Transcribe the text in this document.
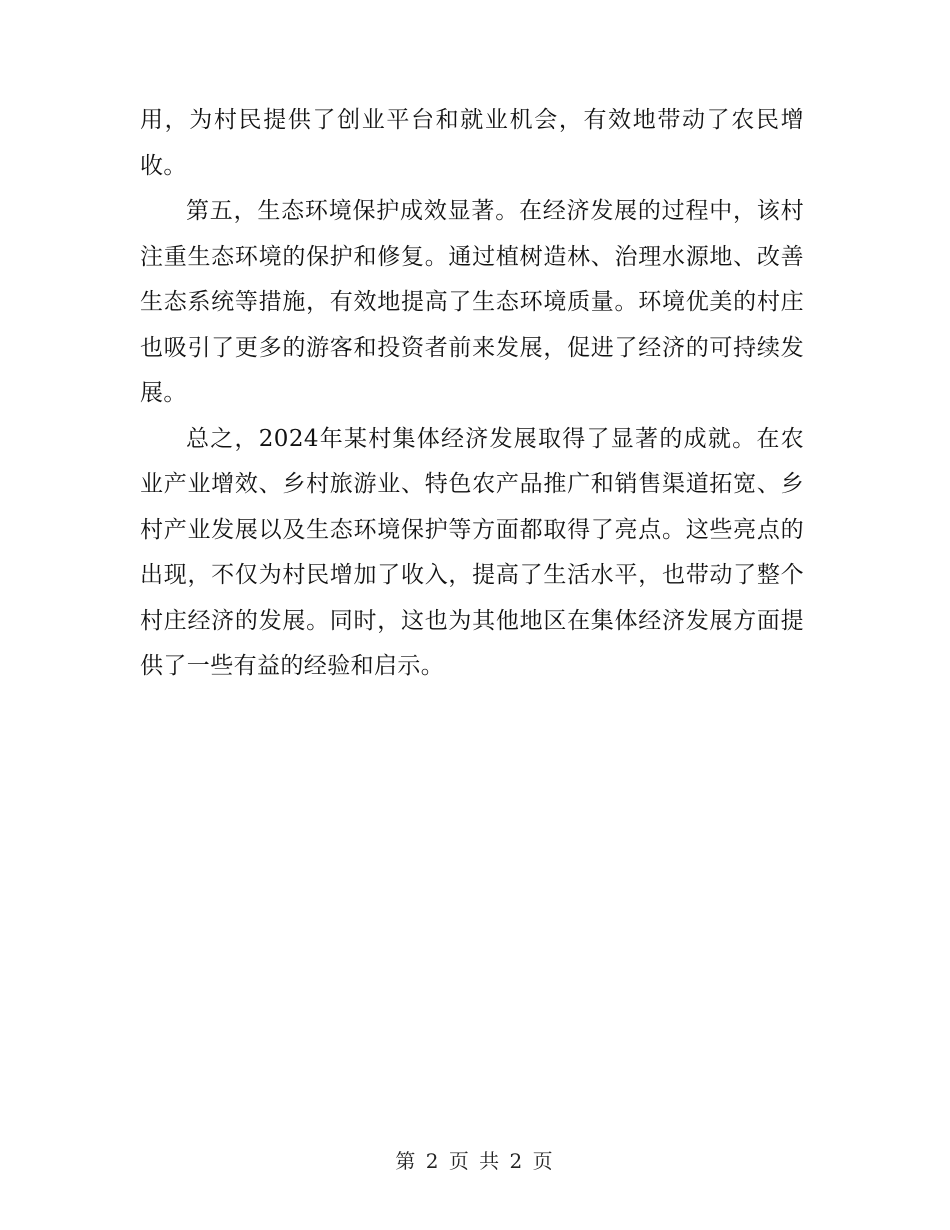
用，为村民提供了创业平台和就业机会，有效地带动了农民增收。

第五，生态环境保护成效显著。在经济发展的过程中，该村注重生态环境的保护和修复。通过植树造林、治理水源地、改善生态系统等措施，有效地提高了生态环境质量。环境优美的村庄也吸引了更多的游客和投资者前来发展，促进了经济的可持续发展。

总之，2024年某村集体经济发展取得了显著的成就。在农业产业增效、乡村旅游业、特色农产品推广和销售渠道拓宽、乡村产业发展以及生态环境保护等方面都取得了亮点。这些亮点的出现，不仅为村民增加了收入，提高了生活水平，也带动了整个村庄经济的发展。同时，这也为其他地区在集体经济发展方面提供了一些有益的经验和启示。

第 2 页 共 2 页
